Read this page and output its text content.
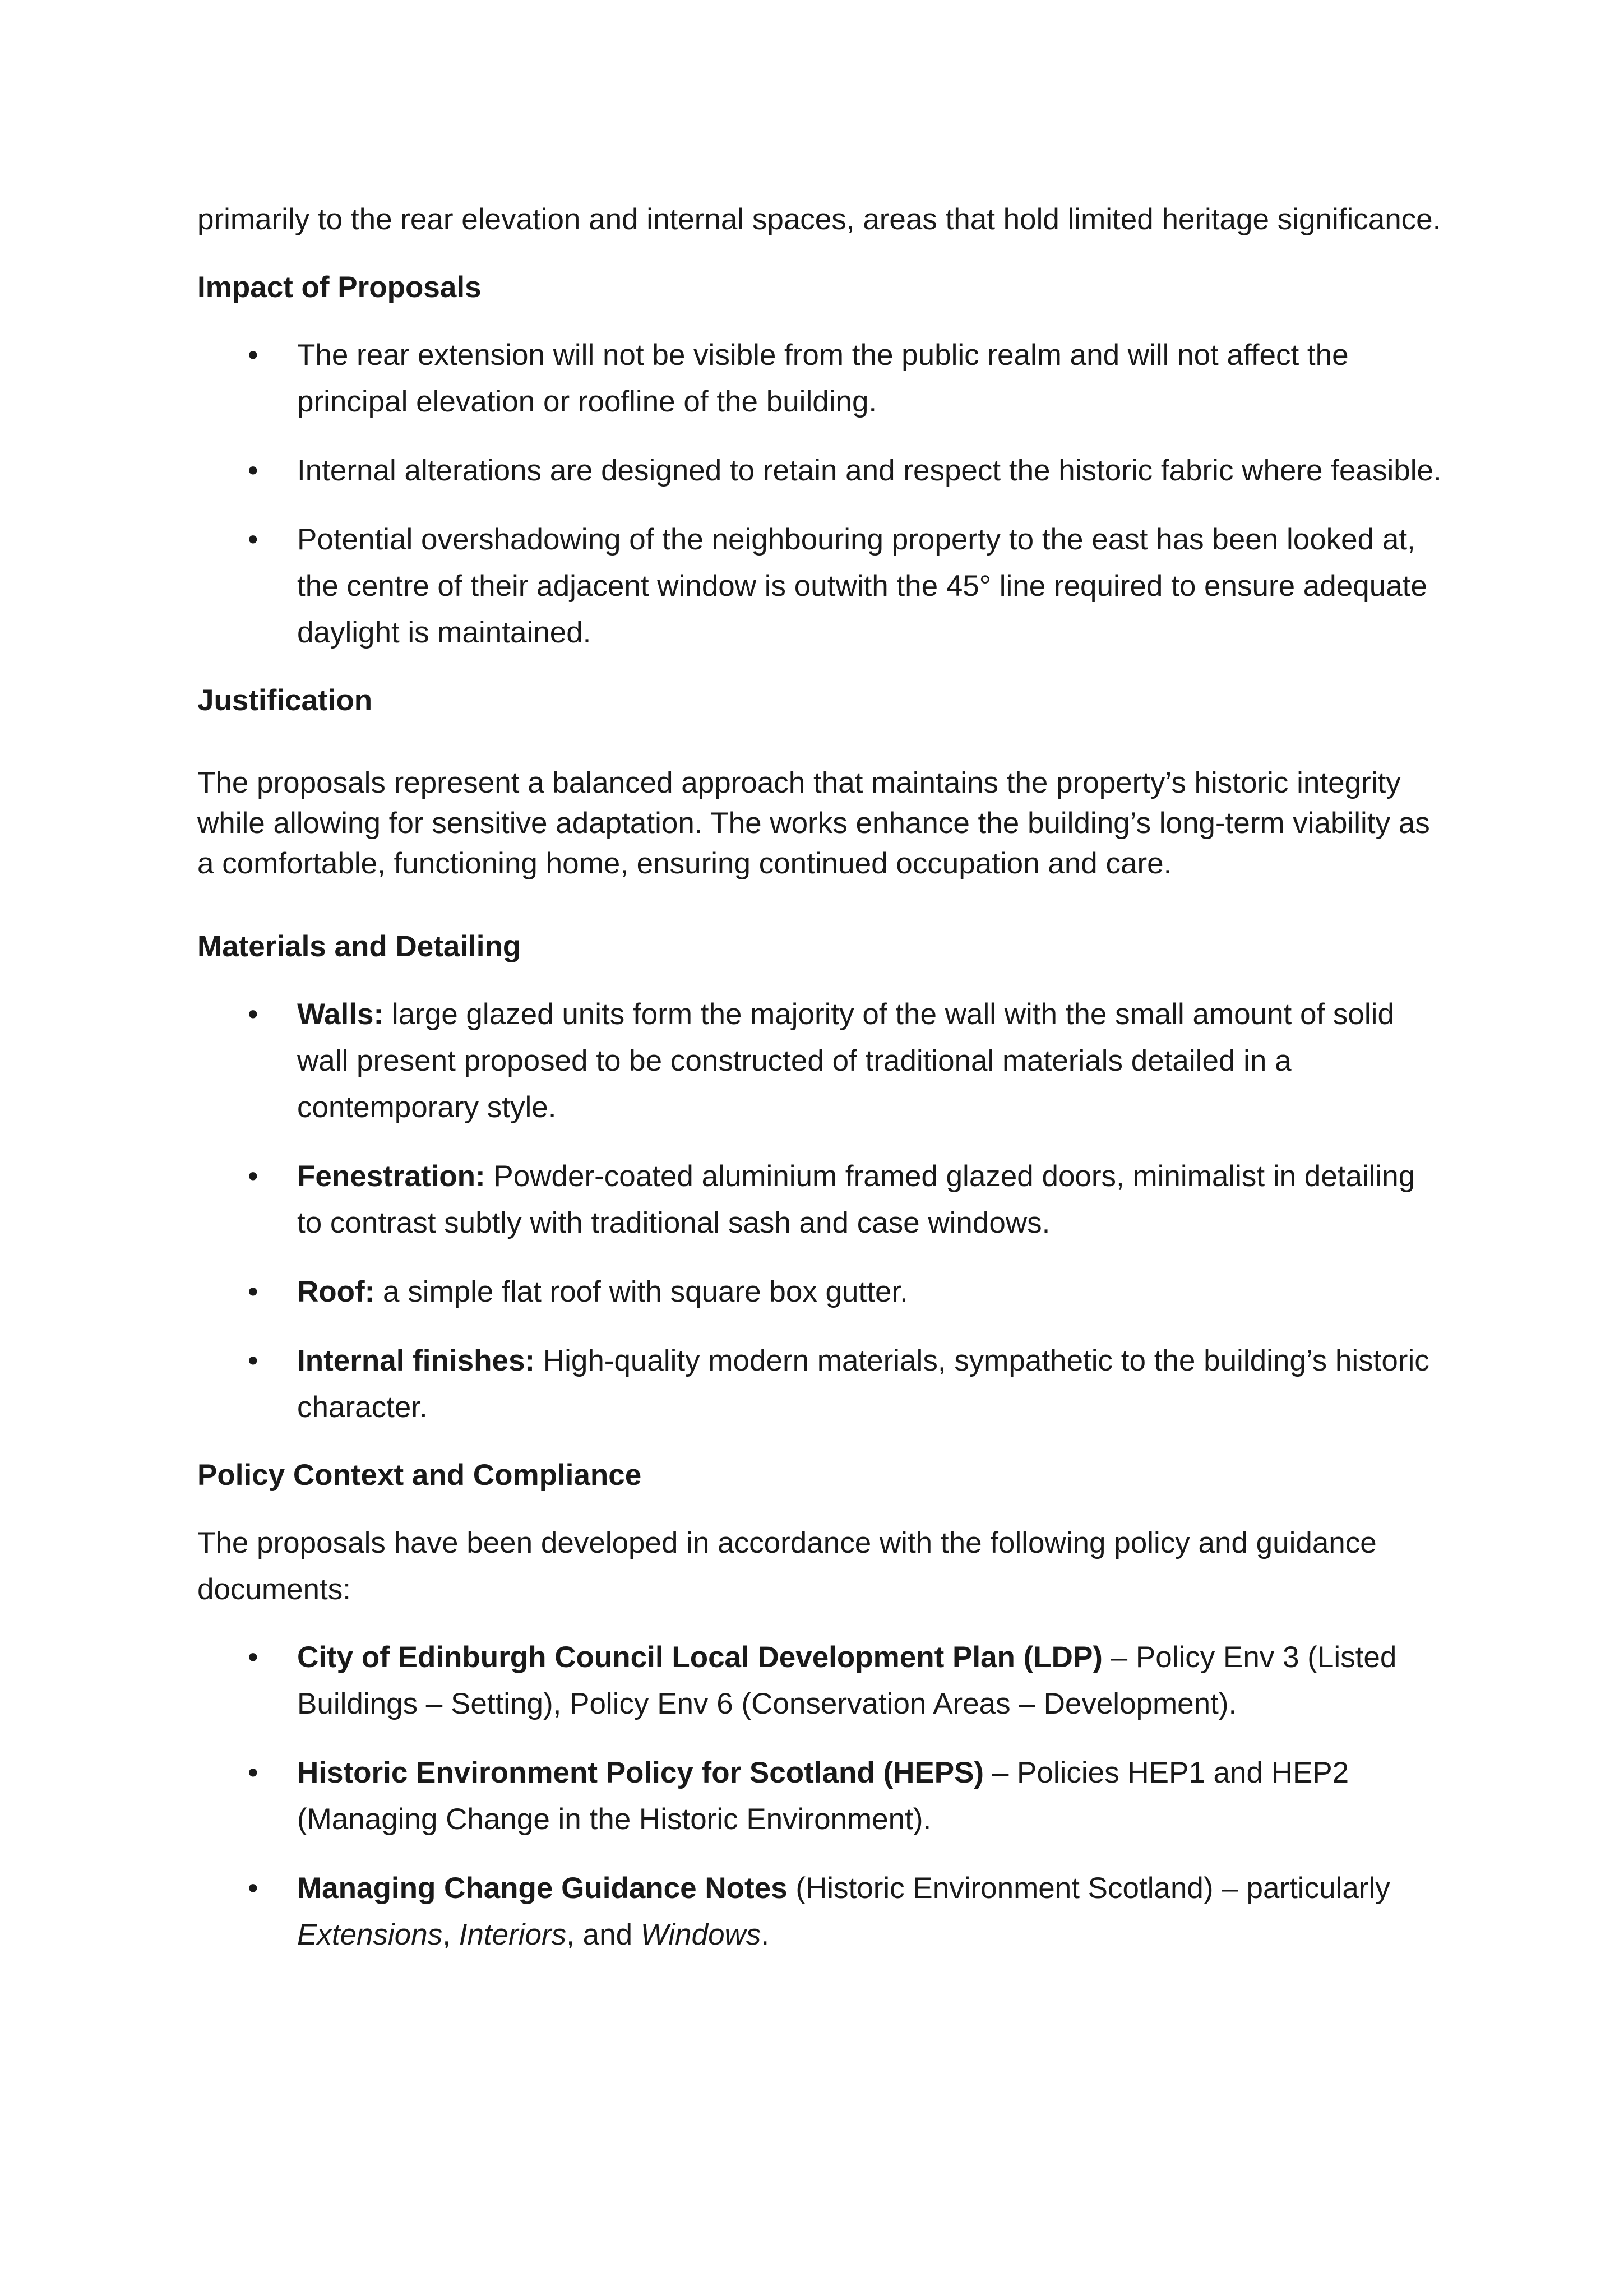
primarily to the rear elevation and internal spaces, areas that hold limited heritage significance.

Impact of Proposals
• The rear extension will not be visible from the public realm and will not affect the principal elevation or roofline of the building.
• Internal alterations are designed to retain and respect the historic fabric where feasible.
• Potential overshadowing of the neighbouring property to the east has been looked at, the centre of their adjacent window is outwith the 45° line required to ensure adequate daylight is maintained.
Justification

The proposals represent a balanced approach that maintains the property’s historic integrity while allowing for sensitive adaptation. The works enhance the building’s long-term viability as a comfortable, functioning home, ensuring continued occupation and care.

Materials and Detailing
• Walls: large glazed units form the majority of the wall with the small amount of solid wall present proposed to be constructed of traditional materials detailed in a contemporary style.
• Fenestration: Powder-coated aluminium framed glazed doors, minimalist in detailing to contrast subtly with traditional sash and case windows.
• Roof: a simple flat roof with square box gutter.
• Internal finishes: High-quality modern materials, sympathetic to the building’s historic character.
Policy Context and Compliance

The proposals have been developed in accordance with the following policy and guidance documents:

• City of Edinburgh Council Local Development Plan (LDP) – Policy Env 3 (Listed Buildings – Setting), Policy Env 6 (Conservation Areas – Development).
• Historic Environment Policy for Scotland (HEPS) – Policies HEP1 and HEP2 (Managing Change in the Historic Environment).
• Managing Change Guidance Notes (Historic Environment Scotland) – particularly Extensions, Interiors, and Windows.
